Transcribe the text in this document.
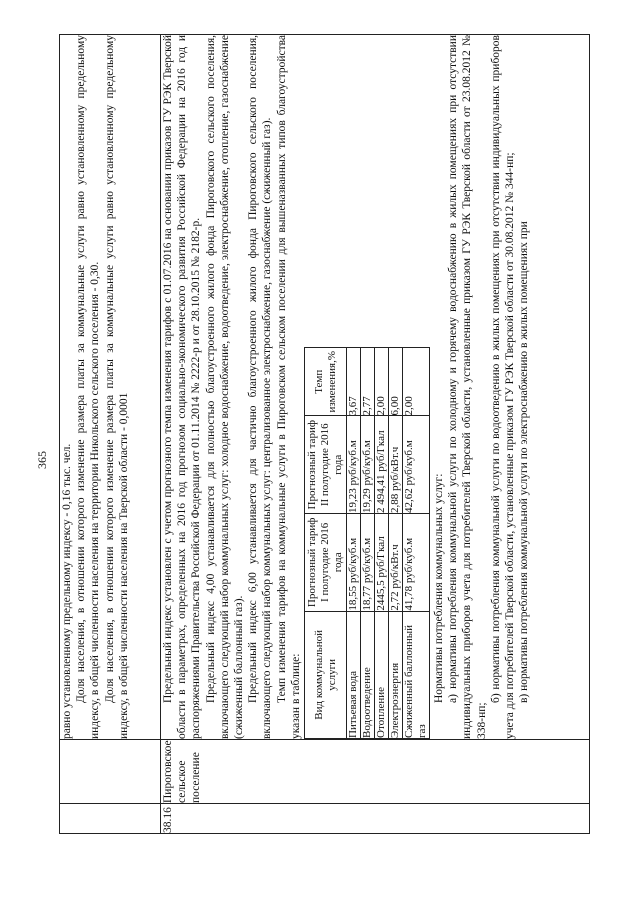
365
		равно установленному предельному индексу - 0,16 тыс. чел. Доля населения, в отношении которого изменение размера платы за коммунальные услуги равно установленному предельному индексу, в общей численности населения на территории Никольского сельского поселения - 0,30. Доля населения, в отношении которого изменение размера платы за коммунальные услуги равно установленному предельному индексу, в общей численности населения на Тверской области - 0,0001

38.16	Пироговское сельское поселение	

Предельный индекс установлен с учетом прогнозного темпа изменения тарифов с 01.07.2016 на основании приказов ГУ РЭК Тверской области в параметрах, определенных на 2016 год прогнозом социально-экономического развития Российской Федерации на 2016 год и распоряжениями Правительства Российской Федерации от 01.11.2014 № 2222-р и от 28.10.2015 № 2182-р. Предельный индекс 4,00 устанавливается для полностью благоустроенного жилого фонда Пироговского сельского поселения, включающего следующий набор коммунальных услуг: холодное водоснабжение, водоотведение, электроснабжение, отопление, газоснабжение (сжиженный баллонный газ). Предельный индекс 6,00 устанавливается для частично благоустроенного жилого фонда Пироговского сельского поселения, включающего следующий набор коммунальных услуг: централизованное электроснабжение, газоснабжение (сжиженный газ). Темп изменения тарифов на коммунальные услуги в Пироговском сельском поселении для вышеназванных типов благоустройства указан в таблице: Вид коммунальной услуги	Прогнозный тариф I полугодие 2016 года	Прогнозный тариф II полугодие 2016 года	Темп изменения,%
Питьевая вода	18,55 руб/куб.м	19,23 руб/куб.м	3,67
Водоотведение	18,77 руб/куб.м	19,29 руб/куб.м	2,77
Отопление	2445,5 руб/Гкал	2 494,41 руб/Гкал	2,00
Электроэнергия	2,72 руб/кВт.ч	2,88 руб/кВт.ч	6,00
Сжиженный баллонный газ	41,78 руб/куб.м	42,62 руб/куб.м	2,00

Нормативы потребления коммунальных услуг: а) нормативы потребления коммунальной услуги по холодному и горячему водоснабжению в жилых помещениях при отсутствии индивидуальных приборов учета для потребителей Тверской области, установленные приказом ГУ РЭК Тверской области от 23.08.2012 № 338-нп;

б) нормативы потребления коммунальной услуги по водоотведению в жилых помещениях при отсутствии индивидуальных приборов учета для потребителей Тверской области, установленные приказом ГУ РЭК Тверской области от 30.08.2012 № 344-нп; в) нормативы потребления коммунальной услуги по электроснабжению в жилых помещениях при
